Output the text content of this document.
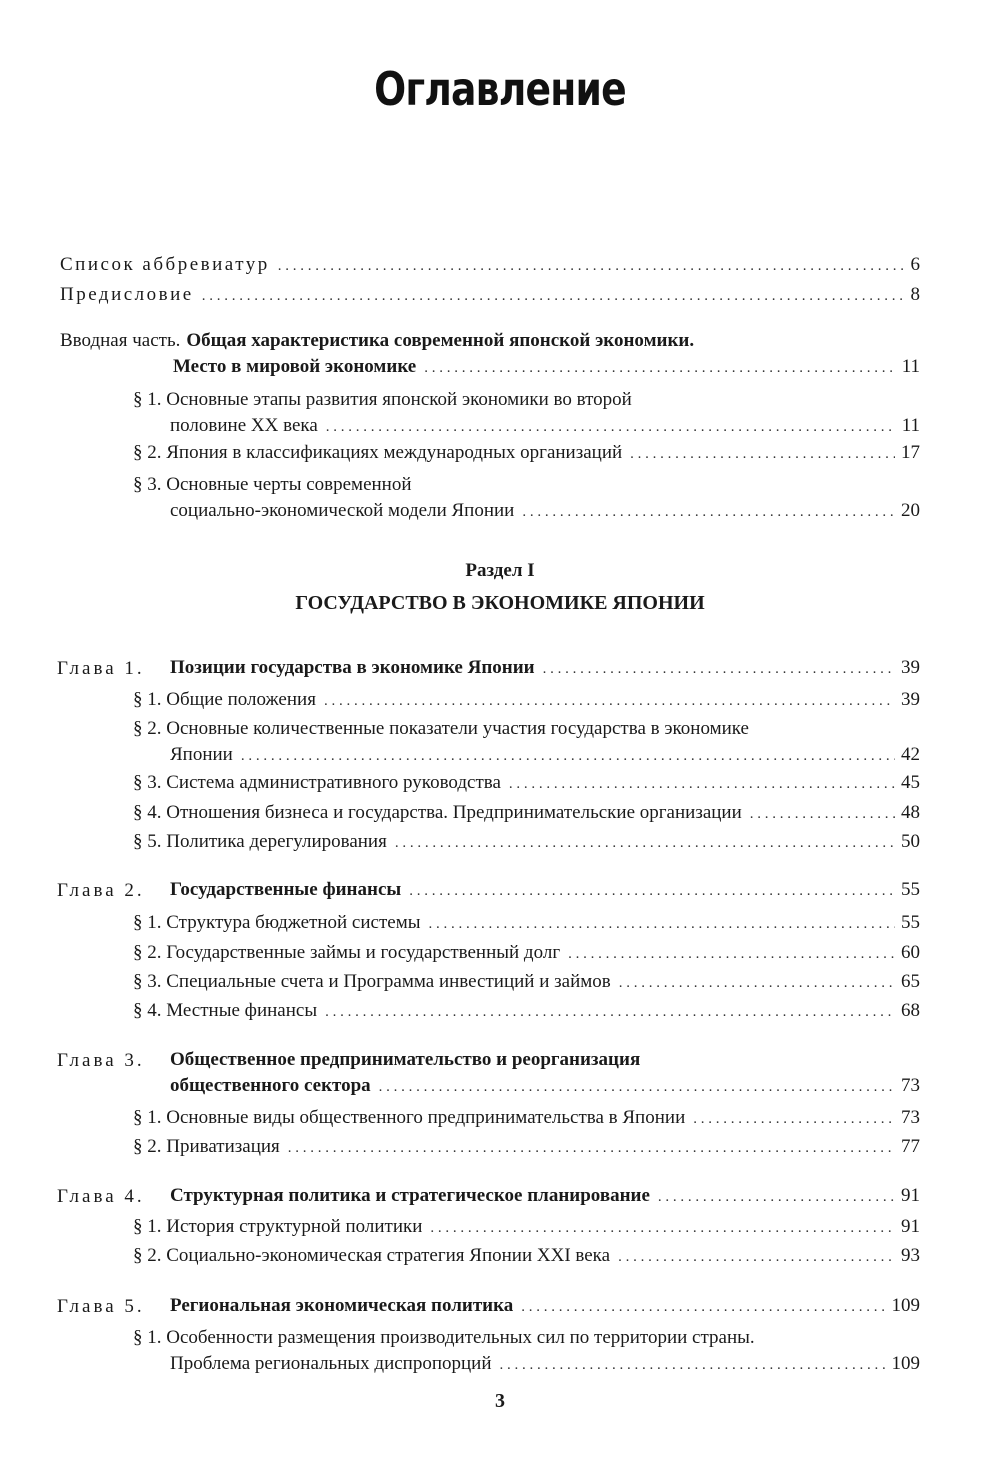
Оглавление
Список аббревиатур . . .	6
Предисловие . . .	8
Вводная часть. Общая характеристика современной японской экономики.
Место в мировой экономике . . .	11
§ 1. Основные этапы развития японской экономики во второй
половине XX века . . .	11
§ 2. Япония в классификациях международных организаций . . .	17
§ 3. Основные черты современной
социально-экономической модели Японии . . .	20
Раздел I
ГОСУДАРСТВО В ЭКОНОМИКЕ ЯПОНИИ
Глава 1. Позиции государства в экономике Японии . . .	39
§ 1. Общие положения . . .	39
§ 2. Основные количественные показатели участия государства в экономике
Японии . . .	42
§ 3. Система административного руководства . . .	45
§ 4. Отношения бизнеса и государства. Предпринимательские организации . . .	48
§ 5. Политика дерегулирования . . .	50
Глава 2. Государственные финансы . . .	55
§ 1. Структура бюджетной системы . . .	55
§ 2. Государственные займы и государственный долг . . .	60
§ 3. Специальные счета и Программа инвестиций и займов . . .	65
§ 4. Местные финансы . . .	68
Глава 3. Общественное предпринимательство и реорганизация
общественного сектора . . .	73
§ 1. Основные виды общественного предпринимательства в Японии . . .	73
§ 2. Приватизация . . .	77
Глава 4. Структурная политика и стратегическое планирование . . .	91
§ 1. История структурной политики . . .	91
§ 2. Социально-экономическая стратегия Японии XXI века . . .	93
Глава 5. Региональная экономическая политика . . .	109
§ 1. Особенности размещения производительных сил по территории страны.
Проблема региональных диспропорций . . .	109
3
